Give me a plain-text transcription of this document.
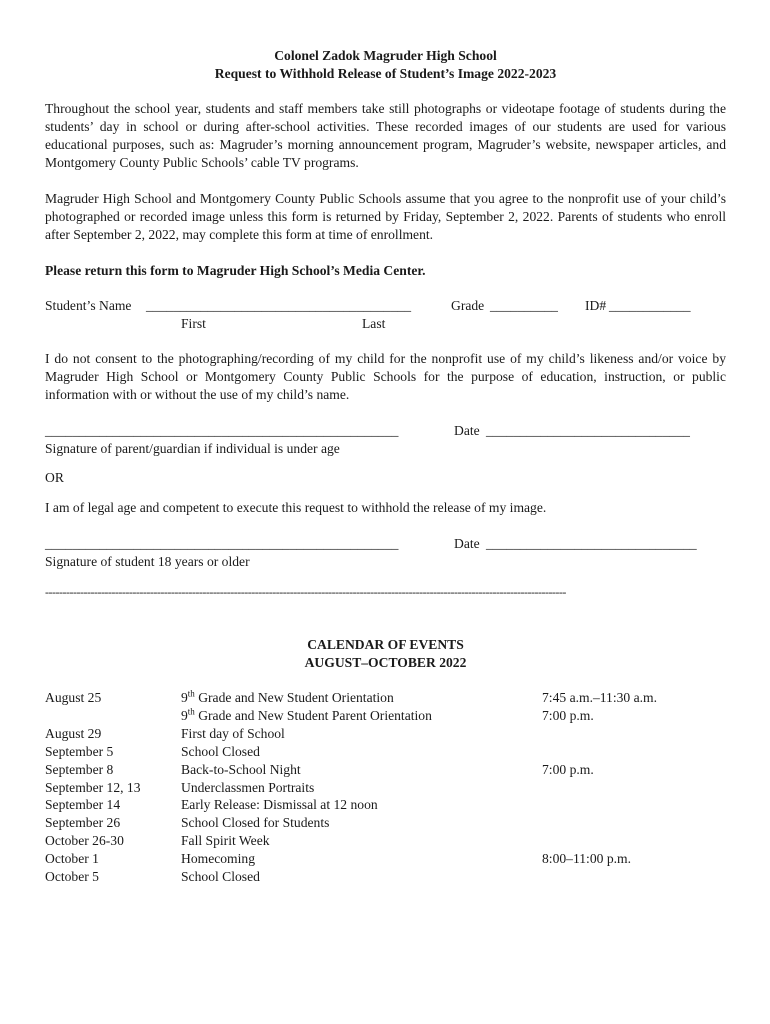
Colonel Zadok Magruder High School
Request to Withhold Release of Student’s Image 2022-2023

Throughout the school year, students and staff members take still photographs or videotape footage of students during the students’ day in school or during after-school activities. These recorded images of our students are used for various educational purposes, such as: Magruder’s morning announcement program, Magruder’s website, newspaper articles, and Montgomery County Public Schools’ cable TV programs.

Magruder High School and Montgomery County Public Schools assume that you agree to the nonprofit use of your child’s photographed or recorded image unless this form is returned by Friday, September 2, 2022. Parents of students who enroll after September 2, 2022, may complete this form at time of enrollment.

Please return this form to Magruder High School’s Media Center.
Student’s Name _______________________________________	Grade __________ ID# ____________
First	Last

I do not consent to the photographing/recording of my child for the nonprofit use of my child’s likeness and/or voice by Magruder High School or Montgomery County Public Schools for the purpose of education, instruction, or public information with or without the use of my child’s name.

____________________________________________________	Date ______________________________
Signature of parent/guardian if individual is under age
OR
I am of legal age and competent to execute this request to withhold the release of my image.
____________________________________________________	Date _______________________________
Signature of student 18 years or older
-----------------------------------------------------------------------------------------------------------------------------------------------------
CALENDAR OF EVENTS
AUGUST–OCTOBER 2022
August 25	9th Grade and New Student Orientation	7:45 a.m.–11:30 a.m.
9th Grade and New Student Parent Orientation	7:00 p.m.
August 29	First day of School
September 5	School Closed
September 8	Back-to-School Night	7:00 p.m.
September 12, 13	Underclassmen Portraits
September 14	Early Release: Dismissal at 12 noon
September 26	School Closed for Students
October 26-30	Fall Spirit Week
October 1	Homecoming	8:00–11:00 p.m.
October 5	School Closed
